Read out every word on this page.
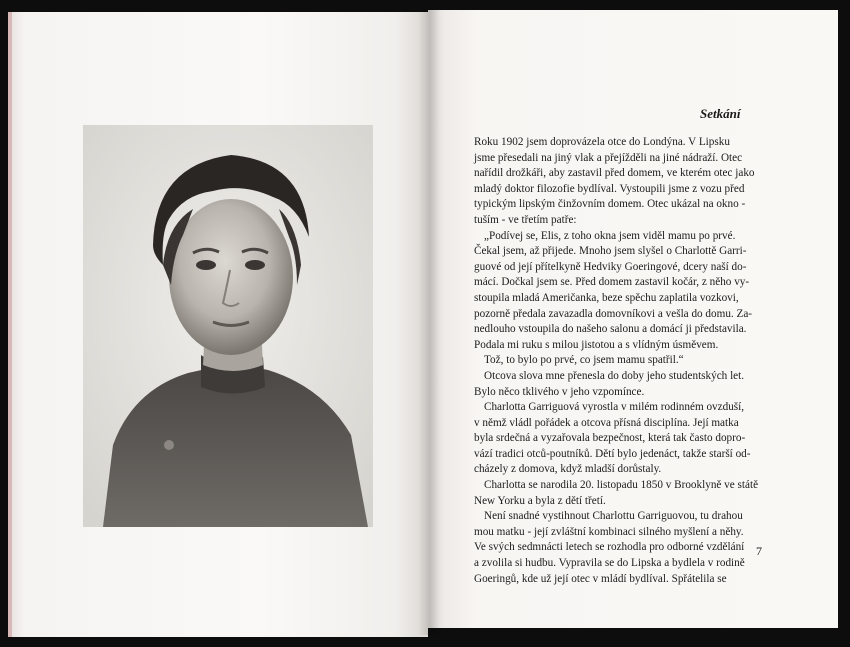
Setkání
Roku 1902 jsem doprovázela otce do Londýna. V Lipsku
jsme přesedali na jiný vlak a přejížděli na jiné nádraží. Otec
nařídil drožkáři, aby zastavil před domem, ve kterém otec jako
mladý doktor filozofie bydlíval. Vystoupili jsme z vozu před
typickým lipským činžovním domem. Otec ukázal na okno -
tuším - ve třetím patře:
„Podívej se, Elis, z toho okna jsem viděl mamu po prvé.
Čekal jsem, až přijede. Mnoho jsem slyšel o Charlottě Garri-
guové od její přítelkyně Hedviky Goeringové, dcery naší do-
mácí. Dočkal jsem se. Před domem zastavil kočár, z něho vy-
stoupila mladá Američanka, beze spěchu zaplatila vozkovi,
pozorně předala zavazadla domovníkovi a vešla do domu. Za-
nedlouho vstoupila do našeho salonu a domácí ji představila.
Podala mi ruku s milou jistotou a s vlídným úsměvem.
Tož, to bylo po prvé, co jsem mamu spatřil.“
Otcova slova mne přenesla do doby jeho studentských let.
Bylo něco tklivého v jeho vzpomínce.
Charlotta Garriguová vyrostla v milém rodinném ovzduší,
v němž vládl pořádek a otcova přísná disciplína. Její matka
byla srdečná a vyzařovala bezpečnost, která tak často dopro-
vází tradici otců-poutníků. Dětí bylo jedenáct, takže starší od-
cházely z domova, když mladší dorůstaly.
Charlotta se narodila 20. listopadu 1850 v Brooklyně ve státě
New Yorku a byla z dětí třetí.
Není snadné vystihnout Charlottu Garriguovou, tu drahou
mou matku - její zvláštní kombinaci silného myšlení a něhy.
Ve svých sedmnácti letech se rozhodla pro odborné vzdělání
a zvolila si hudbu. Vypravila se do Lipska a bydlela v rodině
Goeringů, kde už její otec v mládí bydlíval. Spřátelila se
7
